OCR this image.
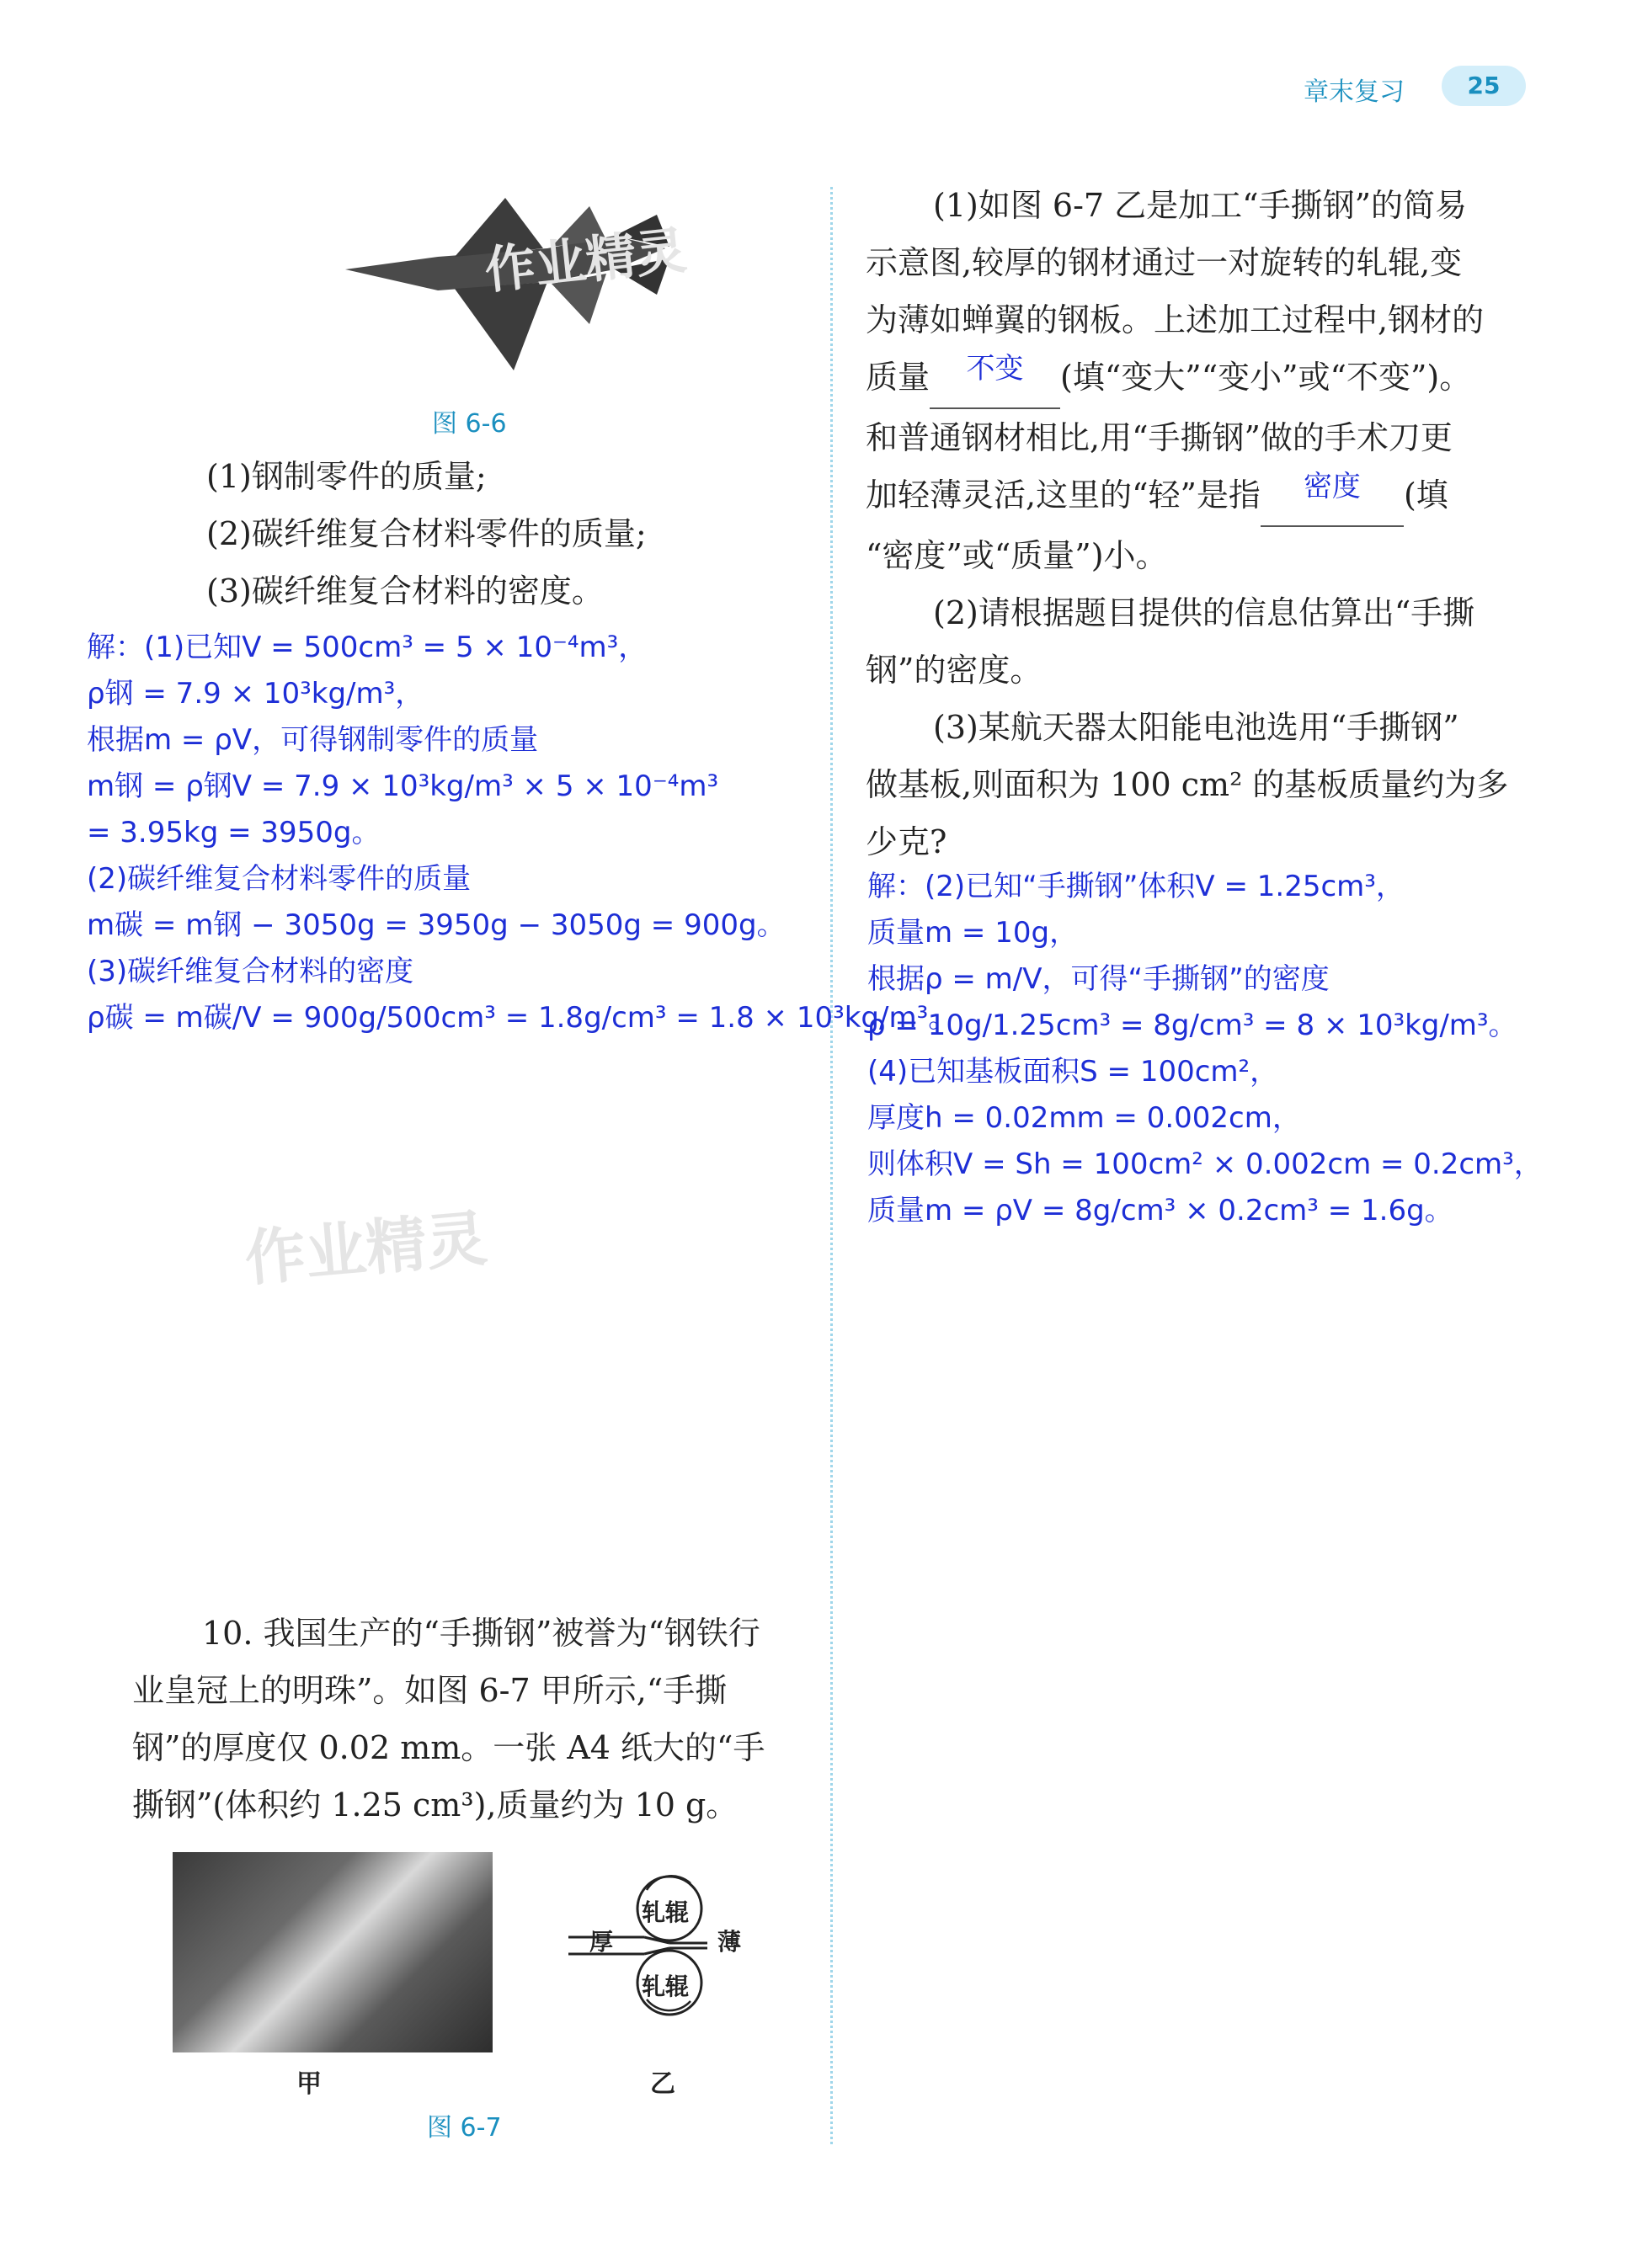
章末复习	25
作业精灵
图 6-6
(1)钢制零件的质量;
(2)碳纤维复合材料零件的质量;
(3)碳纤维复合材料的密度。
解：(1)已知V = 500cm³ = 5 × 10⁻⁴m³，
ρ钢 = 7.9 × 10³kg/m³，
根据m = ρV，可得钢制零件的质量
m钢 = ρ钢V = 7.9 × 10³kg/m³ × 5 × 10⁻⁴m³
= 3.95kg = 3950g。
(2)碳纤维复合材料零件的质量
m碳 = m钢 − 3050g = 3950g − 3050g = 900g。
(3)碳纤维复合材料的密度
ρ碳 = m碳/V = 900g/500cm³ = 1.8g/cm³ = 1.8 × 10³kg/m³。
作业精灵
10. 我国生产的“手撕钢”被誉为“钢铁行
业皇冠上的明珠”。如图 6-7 甲所示,“手撕
钢”的厚度仅 0.02 mm。一张 A4 纸大的“手
撕钢”(体积约 1.25 cm³),质量约为 10 g。
甲
轧辊
轧辊
厚	薄
乙
图 6-7
(1)如图 6-7 乙是加工“手撕钢”的简易
示意图,较厚的钢材通过一对旋转的轧辊,变
为薄如蝉翼的钢板。上述加工过程中,钢材的
质量 不变 (填“变大”“变小”或“不变”)。
和普通钢材相比,用“手撕钢”做的手术刀更
加轻薄灵活,这里的“轻”是指 密度 (填
“密度”或“质量”)小。
(2)请根据题目提供的信息估算出“手撕
钢”的密度。
(3)某航天器太阳能电池选用“手撕钢”
做基板,则面积为 100 cm² 的基板质量约为多
少克?
解：(2)已知“手撕钢”体积V = 1.25cm³，
质量m = 10g，
根据ρ = m/V，可得“手撕钢”的密度
ρ = 10g/1.25cm³ = 8g/cm³ = 8 × 10³kg/m³。
(4)已知基板面积S = 100cm²，
厚度h = 0.02mm = 0.002cm，
则体积V = Sh = 100cm² × 0.002cm = 0.2cm³，
质量m = ρV = 8g/cm³ × 0.2cm³ = 1.6g。
